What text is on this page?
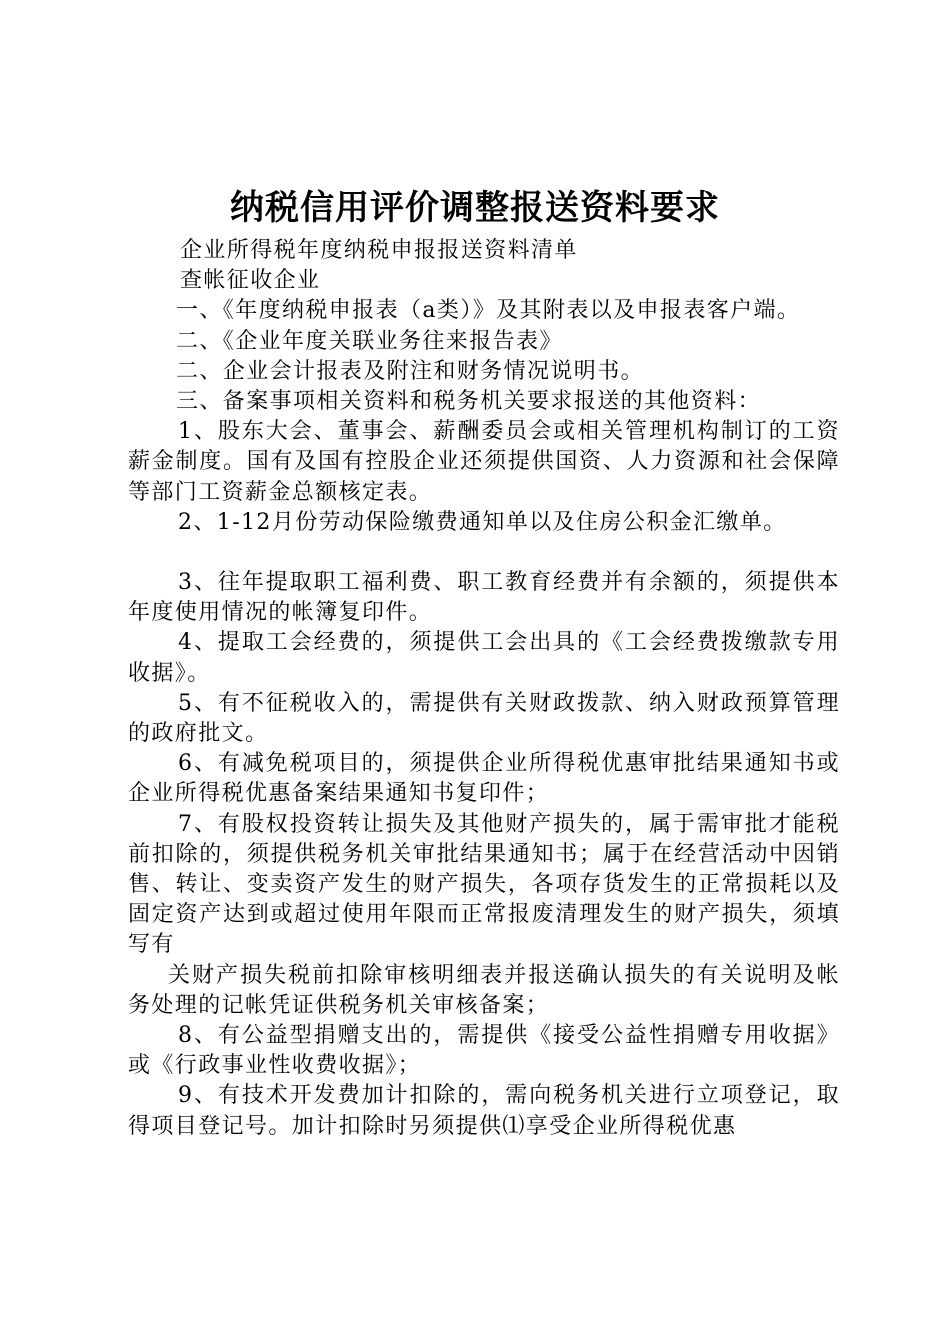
纳税信用评价调整报送资料要求

企业所得税年度纳税申报报送资料清单

查帐征收企业

一、《年度纳税申报表（a类）》及其附表以及申报表客户端。

二、《企业年度关联业务往来报告表》

二、企业会计报表及附注和财务情况说明书。

三、备案事项相关资料和税务机关要求报送的其他资料：

1、股东大会、董事会、薪酬委员会或相关管理机构制订的工资薪金制度。国有及国有控股企业还须提供国资、人力资源和社会保障等部门工资薪金总额核定表。

2、1-12月份劳动保险缴费通知单以及住房公积金汇缴单。

3、往年提取职工福利费、职工教育经费并有余额的，须提供本年度使用情况的帐簿复印件。

4、提取工会经费的，须提供工会出具的《工会经费拨缴款专用收据》。

5、有不征税收入的，需提供有关财政拨款、纳入财政预算管理的政府批文。

6、有减免税项目的，须提供企业所得税优惠审批结果通知书或企业所得税优惠备案结果通知书复印件；

7、有股权投资转让损失及其他财产损失的，属于需审批才能税前扣除的，须提供税务机关审批结果通知书；属于在经营活动中因销售、转让、变卖资产发生的财产损失，各项存货发生的正常损耗以及固定资产达到或超过使用年限而正常报废清理发生的财产损失，须填写有

关财产损失税前扣除审核明细表并报送确认损失的有关说明及帐务处理的记帐凭证供税务机关审核备案；

8、有公益型捐赠支出的，需提供《接受公益性捐赠专用收据》或《行政事业性收费收据》；

9、有技术开发费加计扣除的，需向税务机关进行立项登记，取得项目登记号。加计扣除时另须提供⑴享受企业所得税优惠
